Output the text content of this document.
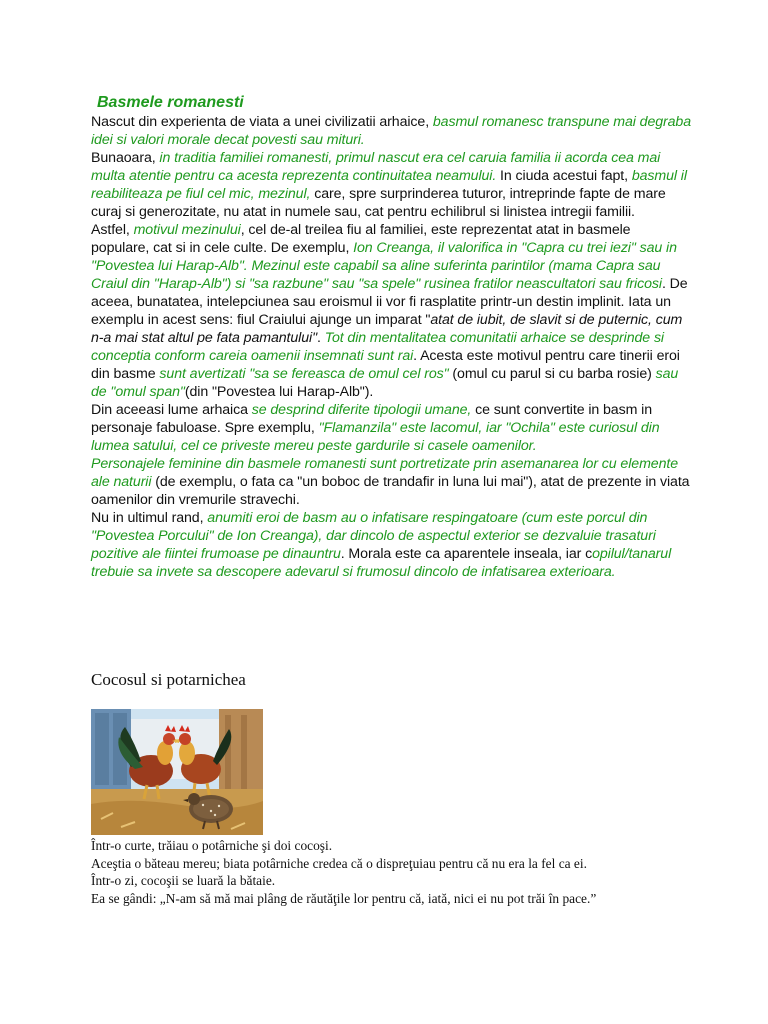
Basmele romanesti

Nascut din experienta de viata a unei civilizatii arhaice, basmul romanesc transpune mai degraba idei si valori morale decat povesti sau mituri.

Bunaoara, in traditia familiei romanesti, primul nascut era cel caruia familia ii acorda cea mai multa atentie pentru ca acesta reprezenta continuitatea neamului. In ciuda acestui fapt, basmul il reabiliteaza pe fiul cel mic, mezinul, care, spre surprinderea tuturor, intreprinde fapte de mare curaj si generozitate, nu atat in numele sau, cat pentru echilibrul si linistea intregii familii.

Astfel, motivul mezinului, cel de-al treilea fiu al familiei, este reprezentat atat in basmele populare, cat si in cele culte. De exemplu, Ion Creanga, il valorifica in "Capra cu trei iezi" sau in "Povestea lui Harap-Alb". Mezinul este capabil sa aline suferinta parintilor (mama Capra sau Craiul din "Harap-Alb") si "sa razbune" sau "sa spele" rusinea fratilor neascultatori sau fricosi. De aceea, bunatatea, intelepciunea sau eroismul ii vor fi rasplatite printr-un destin implinit. Iata un exemplu in acest sens: fiul Craiului ajunge un imparat "atat de iubit, de slavit si de puternic, cum n-a mai stat altul pe fata pamantului". Tot din mentalitatea comunitatii arhaice se desprinde si conceptia conform careia oamenii insemnati sunt rai. Acesta este motivul pentru care tinerii eroi din basme sunt avertizati "sa se fereasca de omul cel ros" (omul cu parul si cu barba rosie) sau de "omul span"(din "Povestea lui Harap-Alb").

Din aceeasi lume arhaica se desprind diferite tipologii umane, ce sunt convertite in basm in personaje fabuloase. Spre exemplu, "Flamanzila" este lacomul, iar "Ochila" este curiosul din lumea satului, cel ce priveste mereu peste gardurile si casele oamenilor.

Personajele feminine din basmele romanesti sunt portretizate prin asemanarea lor cu elemente ale naturii (de exemplu, o fata ca "un boboc de trandafir in luna lui mai"), atat de prezente in viata oamenilor din vremurile stravechi.

Nu in ultimul rand, anumiti eroi de basm au o infatisare respingatoare (cum este porcul din "Povestea Porcului" de Ion Creanga), dar dincolo de aspectul exterior se dezvaluie trasaturi pozitive ale fiintei frumoase pe dinauntru. Morala este ca aparentele inseala, iar copilul/tanarul trebuie sa invete sa descopere adevarul si frumosul dincolo de infatisarea exterioara.

Cocosul si potarnichea

Într-o curte, trăiau o potârniche şi doi cocoşi.

Aceştia o băteau mereu; biata potârniche credea că o dispreţuiau pentru că nu era la fel ca ei.

Într-o zi, cocoşii se luară la bătaie.

Ea se gândi: „N-am să mă mai plâng de răutăţile lor pentru că, iată, nici ei nu pot trăi în pace.”
